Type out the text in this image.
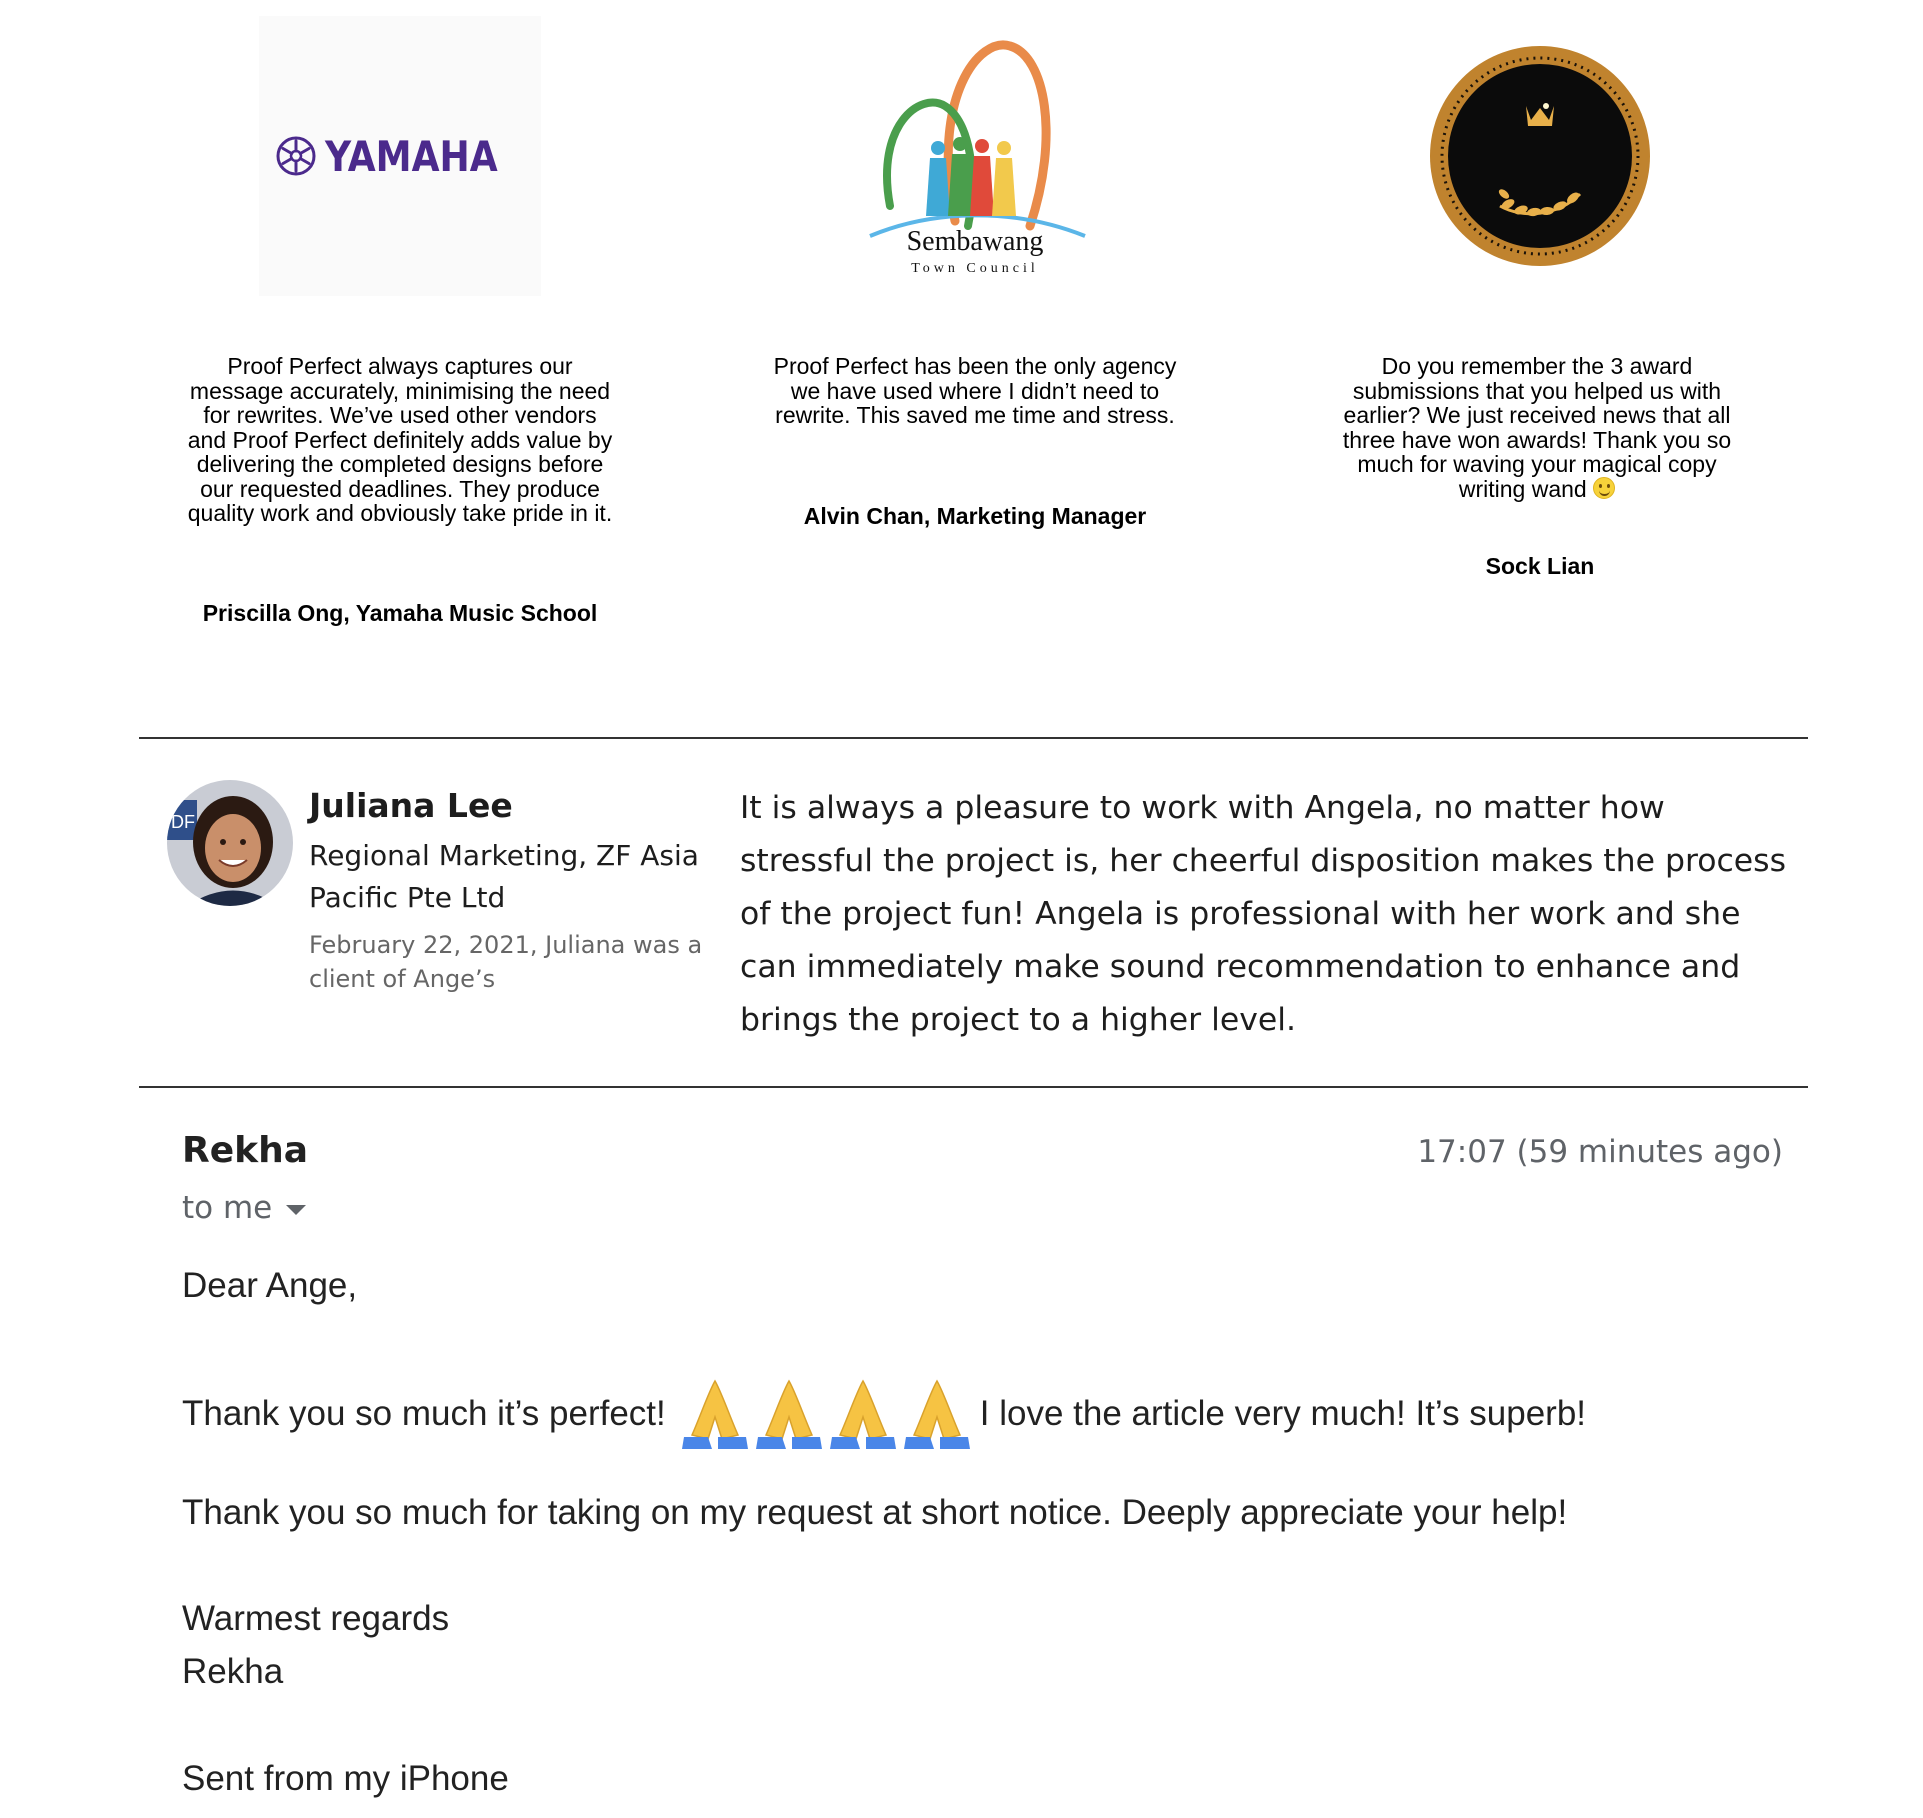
YAMAHA
Sembawang
Town Council

Proof Perfect always captures our message accurately, minimising the need for rewrites. We’ve used other vendors and Proof Perfect definitely adds value by delivering the completed designs before our requested deadlines. They produce quality work and obviously take pride in it.

Priscilla Ong, Yamaha Music School

Proof Perfect has been the only agency we have used where I didn’t need to rewrite. This saved me time and stress.

Alvin Chan, Marketing Manager

Do you remember the 3 award submissions that you helped us with earlier? We just received news that all three have won awards! Thank you so much for waving your magical copy writing wand

Sock Lian
DF	Juliana Lee
Regional Marketing, ZF Asia Pacific Pte Ltd
February 22, 2021, Juliana was a client of Ange’s
It is always a pleasure to work with Angela, no matter how stressful the project is, her cheerful disposition makes the process of the project fun! Angela is professional with her work and she can immediately make sound recommendation to enhance and brings the project to a higher level.
Rekha	17:07 (59 minutes ago)
to me
Dear Ange,
Thank you so much it’s perfect!	I love the article very much! It’s superb!
Thank you so much for taking on my request at short notice. Deeply appreciate your help!
Warmest regards
Rekha
Sent from my iPhone
